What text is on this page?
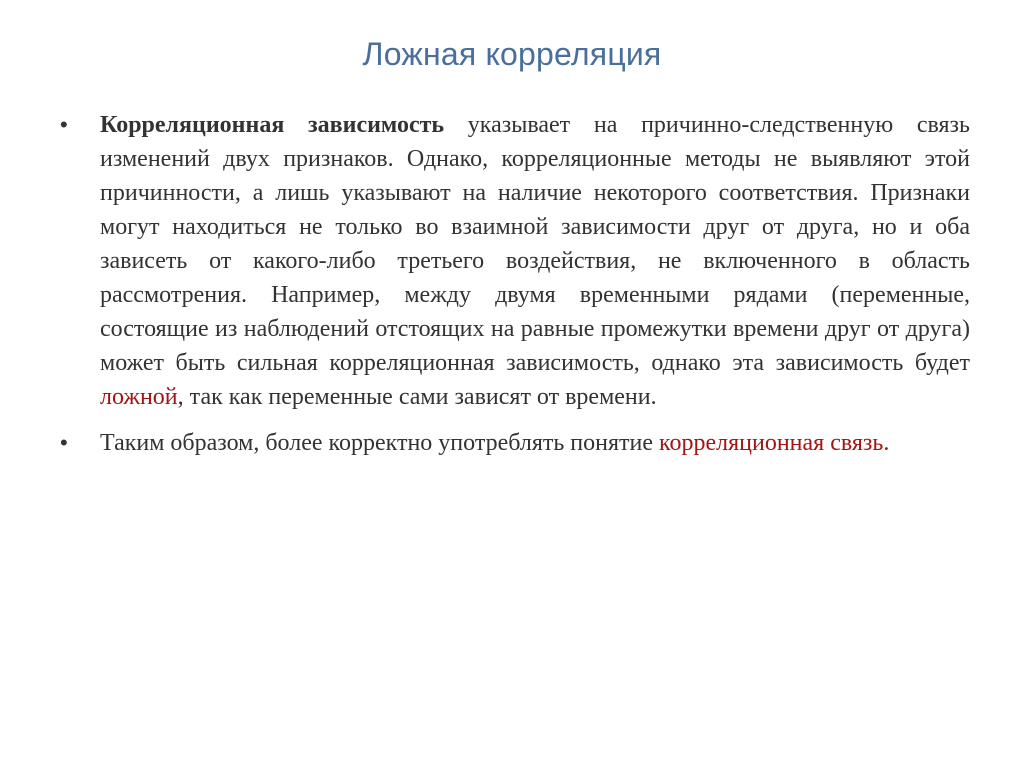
Ложная корреляция
• Корреляционная зависимость указывает на причинно-следственную связь изменений двух признаков. Однако, корреляционные методы не выявляют этой причинности, а лишь указывают на наличие некоторого соответствия. Признаки могут находиться не только во взаимной зависимости друг от друга, но и оба зависеть от какого-либо третьего воздействия, не включенного в область рассмотрения. Например, между двумя временными рядами (переменные, состоящие из наблюдений отстоящих на равные промежутки времени друг от друга) может быть сильная корреляционная зависимость, однако эта зависимость будет ложной, так как переменные сами зависят от времени.
• Таким образом, более корректно употреблять понятие корреляционная связь.
